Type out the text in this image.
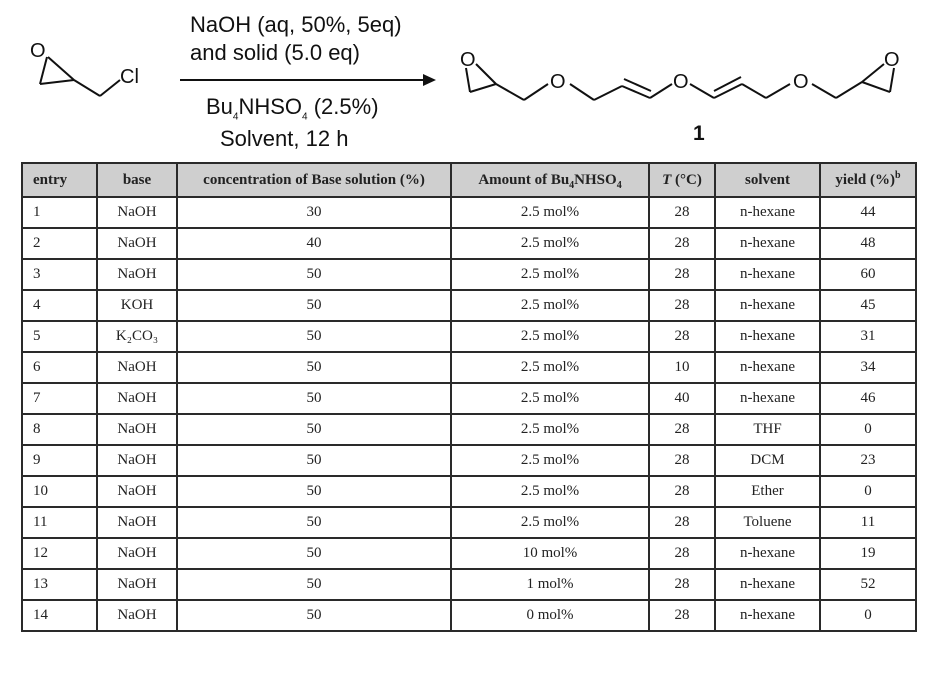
O
Cl
NaOH (aq, 50%, 5eq)
and solid (5.0 eq)
$Bu_4NHSO_4$ (2.5%)
Solvent, 12 h
O
O	O	O
O
1
entry	base	concentration of Base solution (%)	Amount of $Bu_4NHSO_4$	T (°C)	solvent	yield (%)$^b$
1	NaOH	30	2.5 mol%	28	n-hexane	44
2	NaOH	40	2.5 mol%	28	n-hexane	48
3	NaOH	50	2.5 mol%	28	n-hexane	60
4	KOH	50	2.5 mol%	28	n-hexane	45
5	K₂CO₃	50	2.5 mol%	28	n-hexane	31
6	NaOH	50	2.5 mol%	10	n-hexane	34
7	NaOH	50	2.5 mol%	40	n-hexane	46
8	NaOH	50	2.5 mol%	28	THF	0
9	NaOH	50	2.5 mol%	28	DCM	23
10	NaOH	50	2.5 mol%	28	Ether	0
11	NaOH	50	2.5 mol%	28	Toluene	11
12	NaOH	50	10 mol%	28	n-hexane	19
13	NaOH	50	1 mol%	28	n-hexane	52
14	NaOH	50	0 mol%	28	n-hexane	0
